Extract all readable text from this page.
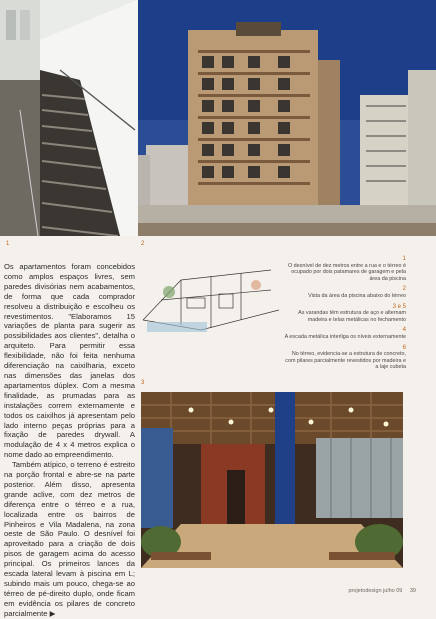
1	2
3

Os apartamentos foram concebidos como amplos espaços livres, sem paredes divisórias nem acabamentos, de forma que cada comprador resolveu a distribuição e escolheu os revestimentos. "Elaboramos 15 variações de planta para sugerir as possibilidades aos clientes", detalha o arquiteto. Para permitir essa flexibilidade, não foi feita nenhuma diferenciação na caixilharia, exceto nas dimensões das janelas dos apartamentos dúplex. Com a mesma finalidade, as prumadas para as instalações correm externamente e todos os caixilhos já apresentam pelo lado interno peças próprias para a fixação de paredes drywall. A modulação de 4 x 4 metros explica o nome dado ao empreendimento.

Também atípico, o terreno é estreito na porção frontal e abre-se na parte posterior. Além disso, apresenta grande aclive, com dez metros de diferença entre o térreo e a rua, localizada entre os bairros de Pinheiros e Vila Madalena, na zona oeste de São Paulo. O desnível foi aproveitado para a criação de dois pisos de garagem acima do acesso principal. Os primeiros lances da escada lateral levam à piscina em L; subindo mais um pouco, chega-se ao térreo de pé-direito duplo, onde ficam em evidência os pilares de concreto parcialmente ▶

1
O desnível de dez metros entre a rua e o térreo é ocupado por dois patamares de garagem e pela área da piscina
2
Vista da área da piscina abaixo do térreo
3 e 5
As varandas têm estrutura de aço e alternam madeira e telas metálicas no fechamento
4
A escada metálica interliga os níveis externamente
6
No térreo, evidencia-se a estrutura de concreto, com pilares parcialmente revestidos por madeira e a laje cubeta
projetodesign julho 09 39
